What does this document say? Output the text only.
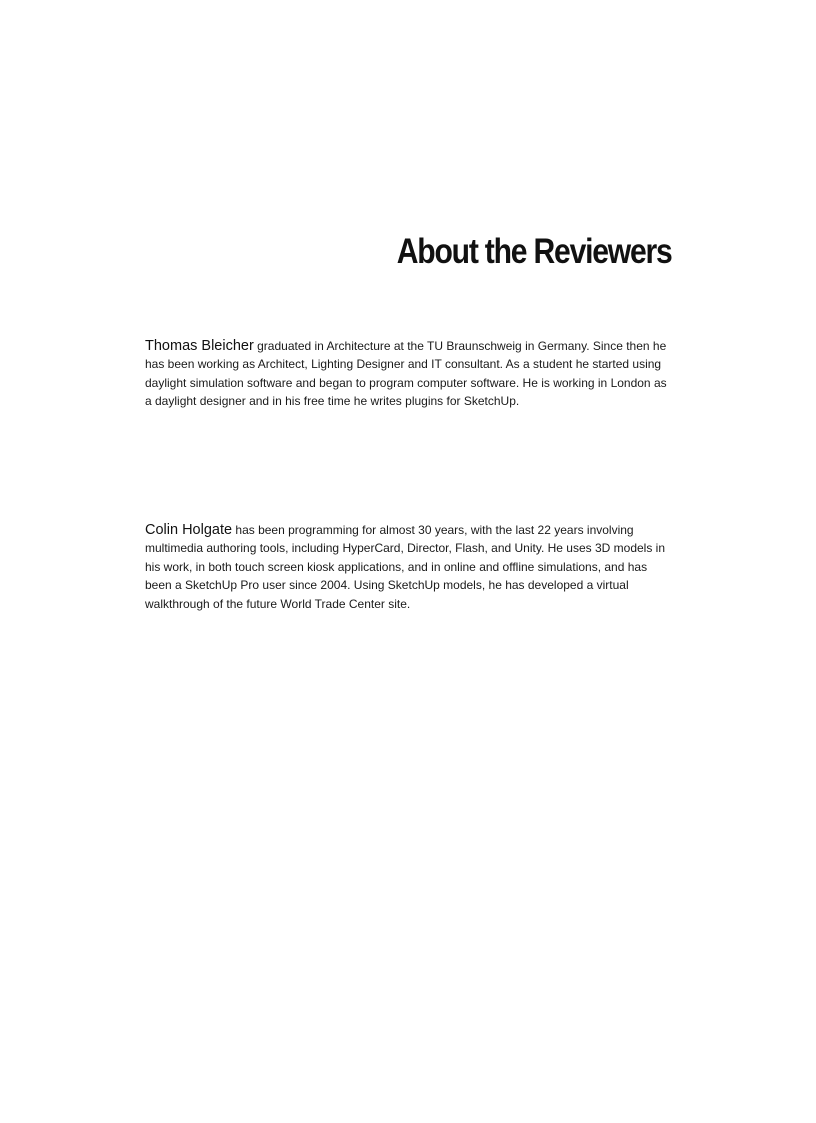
About the Reviewers

Thomas Bleicher graduated in Architecture at the TU Braunschweig in Germany. Since then he has been working as Architect, Lighting Designer and IT consultant. As a student he started using daylight simulation software and began to program computer software. He is working in London as a daylight designer and in his free time he writes plugins for SketchUp.

Colin Holgate has been programming for almost 30 years, with the last 22 years involving multimedia authoring tools, including HyperCard, Director, Flash, and Unity. He uses 3D models in his work, in both touch screen kiosk applications, and in online and offline simulations, and has been a SketchUp Pro user since 2004. Using SketchUp models, he has developed a virtual walkthrough of the future World Trade Center site.
